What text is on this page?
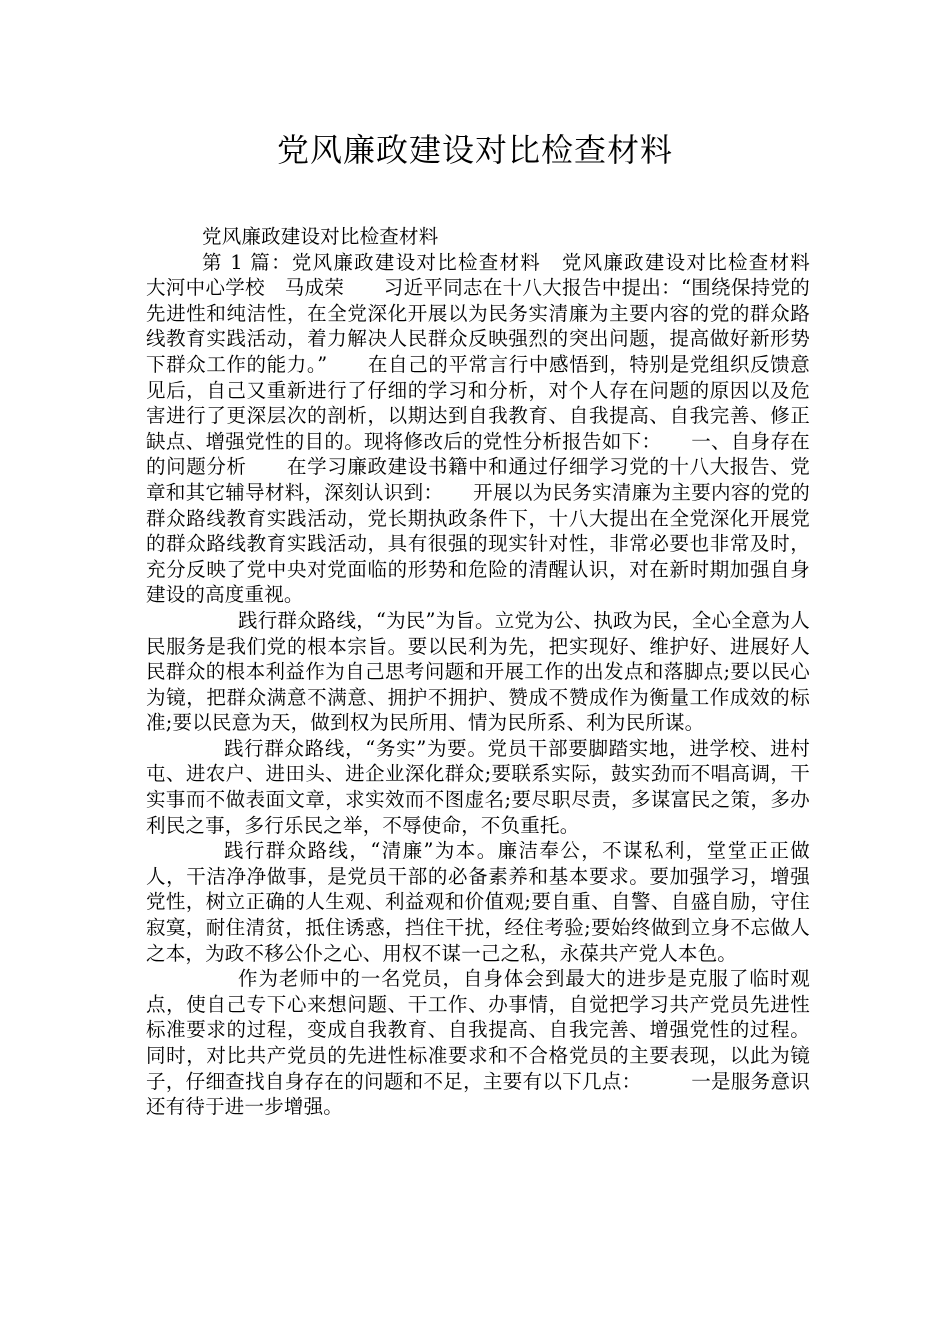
党风廉政建设对比检查材料

党风廉政建设对比检查材料

第 1 篇：党风廉政建设对比检查材料　党风廉政建设对比检查材料　　大河中心学校　马成荣　　习近平同志在十八大报告中提出：“围绕保持党的先进性和纯洁性，在全党深化开展以为民务实清廉为主要内容的党的群众路线教育实践活动，着力解决人民群众反映强烈的突出问题，提高做好新形势下群众工作的能力。”　　在自己的平常言行中感悟到，特别是党组织反馈意见后，自己又重新进行了仔细的学习和分析，对个人存在问题的原因以及危害进行了更深层次的剖析，以期达到自我教育、自我提高、自我完善、修正缺点、增强党性的目的。现将修改后的党性分析报告如下：　　一、自身存在的问题分析　　在学习廉政建设书籍中和通过仔细学习党的十八大报告、党章和其它辅导材料，深刻认识到：　　开展以为民务实清廉为主要内容的党的群众路线教育实践活动，党长期执政条件下，十八大提出在全党深化开展党的群众路线教育实践活动，具有很强的现实针对性，非常必要也非常及时，充分反映了党中央对党面临的形势和危险的清醒认识，对在新时期加强自身建设的高度重视。

践行群众路线，“为民”为旨。立党为公、执政为民，全心全意为人民服务是我们党的根本宗旨。要以民利为先，把实现好、维护好、进展好人民群众的根本利益作为自己思考问题和开展工作的出发点和落脚点;要以民心为镜，把群众满意不满意、拥护不拥护、赞成不赞成作为衡量工作成效的标准;要以民意为天，做到权为民所用、情为民所系、利为民所谋。

践行群众路线，“务实”为要。党员干部要脚踏实地，进学校、进村屯、进农户、进田头、进企业深化群众;要联系实际，鼓实劲而不唱高调，干实事而不做表面文章，求实效而不图虚名;要尽职尽责，多谋富民之策，多办利民之事，多行乐民之举，不辱使命，不负重托。

践行群众路线，“清廉”为本。廉洁奉公，不谋私利，堂堂正正做人，干洁净净做事，是党员干部的必备素养和基本要求。要加强学习，增强党性，树立正确的人生观、利益观和价值观;要自重、自警、自盛自励，守住寂寞，耐住清贫，抵住诱惑，挡住干扰，经住考验;要始终做到立身不忘做人之本，为政不移公仆之心、用权不谋一己之私，永葆共产党人本色。

作为老师中的一名党员，自身体会到最大的进步是克服了临时观点，使自己专下心来想问题、干工作、办事情，自觉把学习共产党员先进性标准要求的过程，变成自我教育、自我提高、自我完善、增强党性的过程。同时，对比共产党员的先进性标准要求和不合格党员的主要表现，以此为镜子，仔细查找自身存在的问题和不足，主要有以下几点：　　　一是服务意识还有待于进一步增强。
